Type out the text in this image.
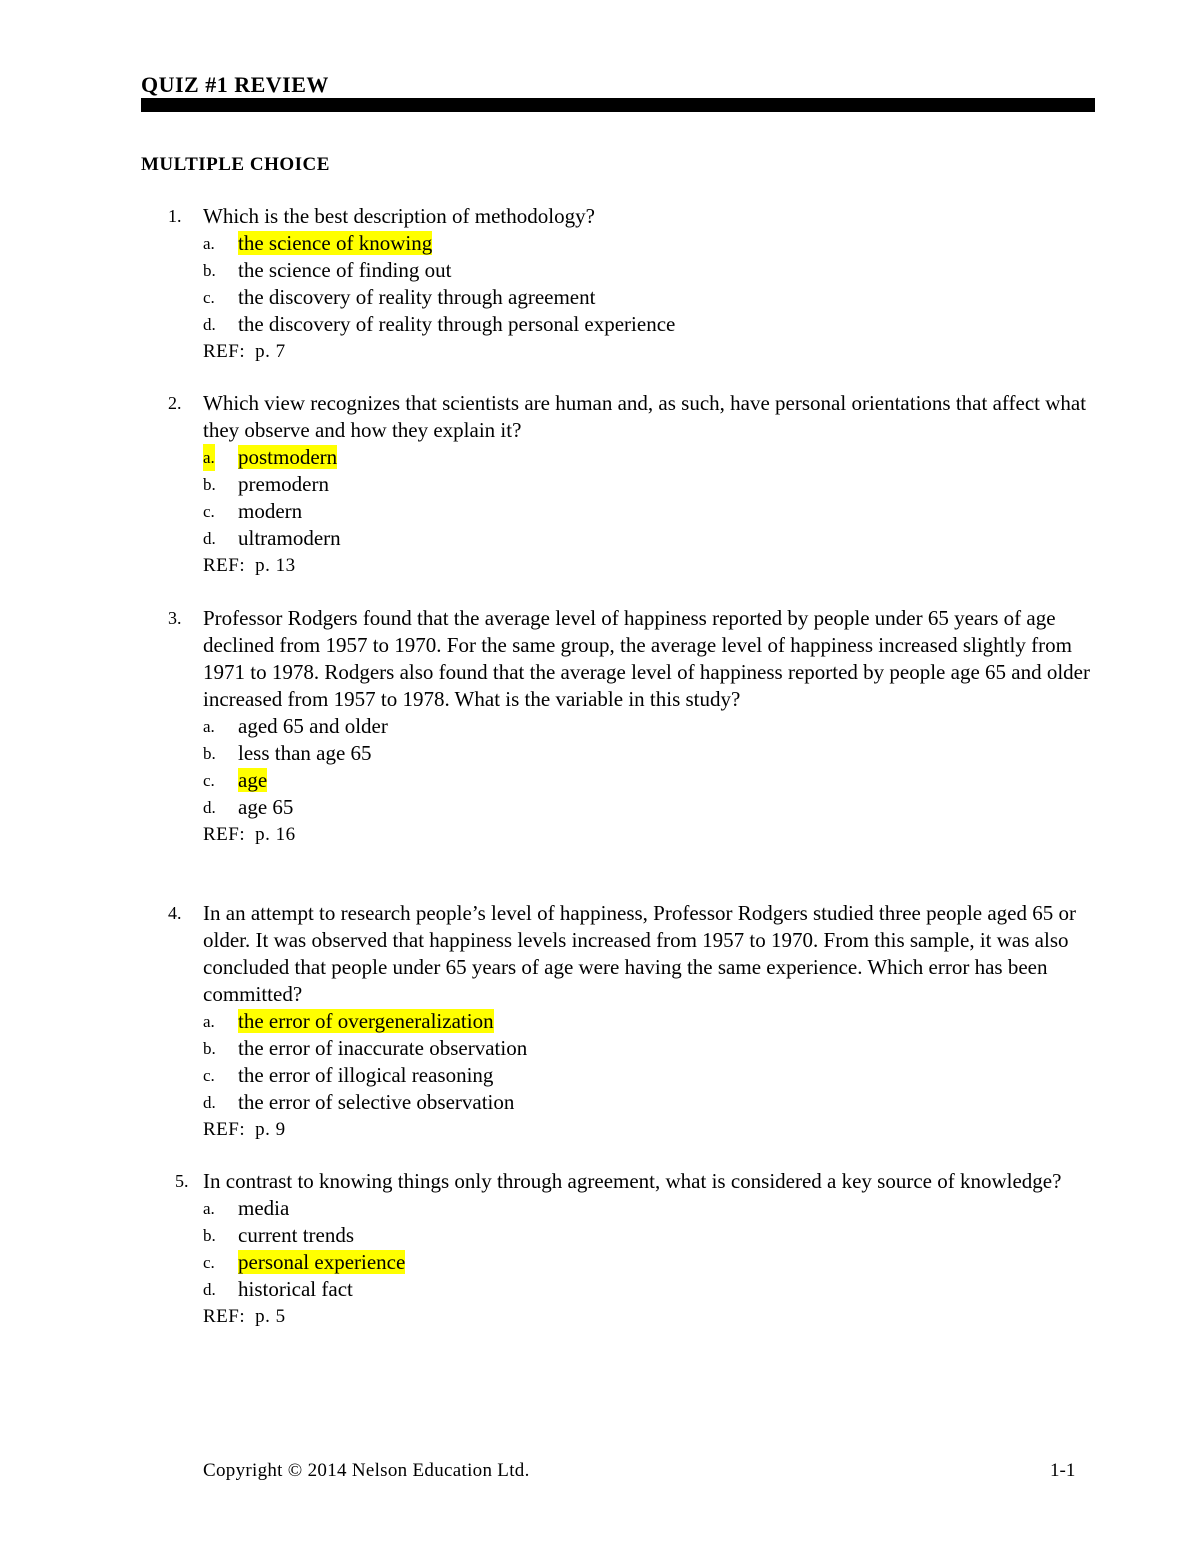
QUIZ #1 REVIEW
MULTIPLE CHOICE
1. Which is the best description of methodology?
a. the science of knowing
b. the science of finding out
c. the discovery of reality through agreement
d. the discovery of reality through personal experience
REF: p. 7
2. Which view recognizes that scientists are human and, as such, have personal orientations that affect what they observe and how they explain it?
a. postmodern
b. premodern
c. modern
d. ultramodern
REF: p. 13
3. Professor Rodgers found that the average level of happiness reported by people under 65 years of age declined from 1957 to 1970. For the same group, the average level of happiness increased slightly from 1971 to 1978. Rodgers also found that the average level of happiness reported by people age 65 and older increased from 1957 to 1978. What is the variable in this study?
a. aged 65 and older
b. less than age 65
c. age
d. age 65
REF: p. 16
4. In an attempt to research people’s level of happiness, Professor Rodgers studied three people aged 65 or older. It was observed that happiness levels increased from 1957 to 1970. From this sample, it was also concluded that people under 65 years of age were having the same experience. Which error has been committed?
a. the error of overgeneralization
b. the error of inaccurate observation
c. the error of illogical reasoning
d. the error of selective observation
REF: p. 9
5. In contrast to knowing things only through agreement, what is considered a key source of knowledge?
a. media
b. current trends
c. personal experience
d. historical fact
REF: p. 5
Copyright © 2014 Nelson Education Ltd.	1-1
